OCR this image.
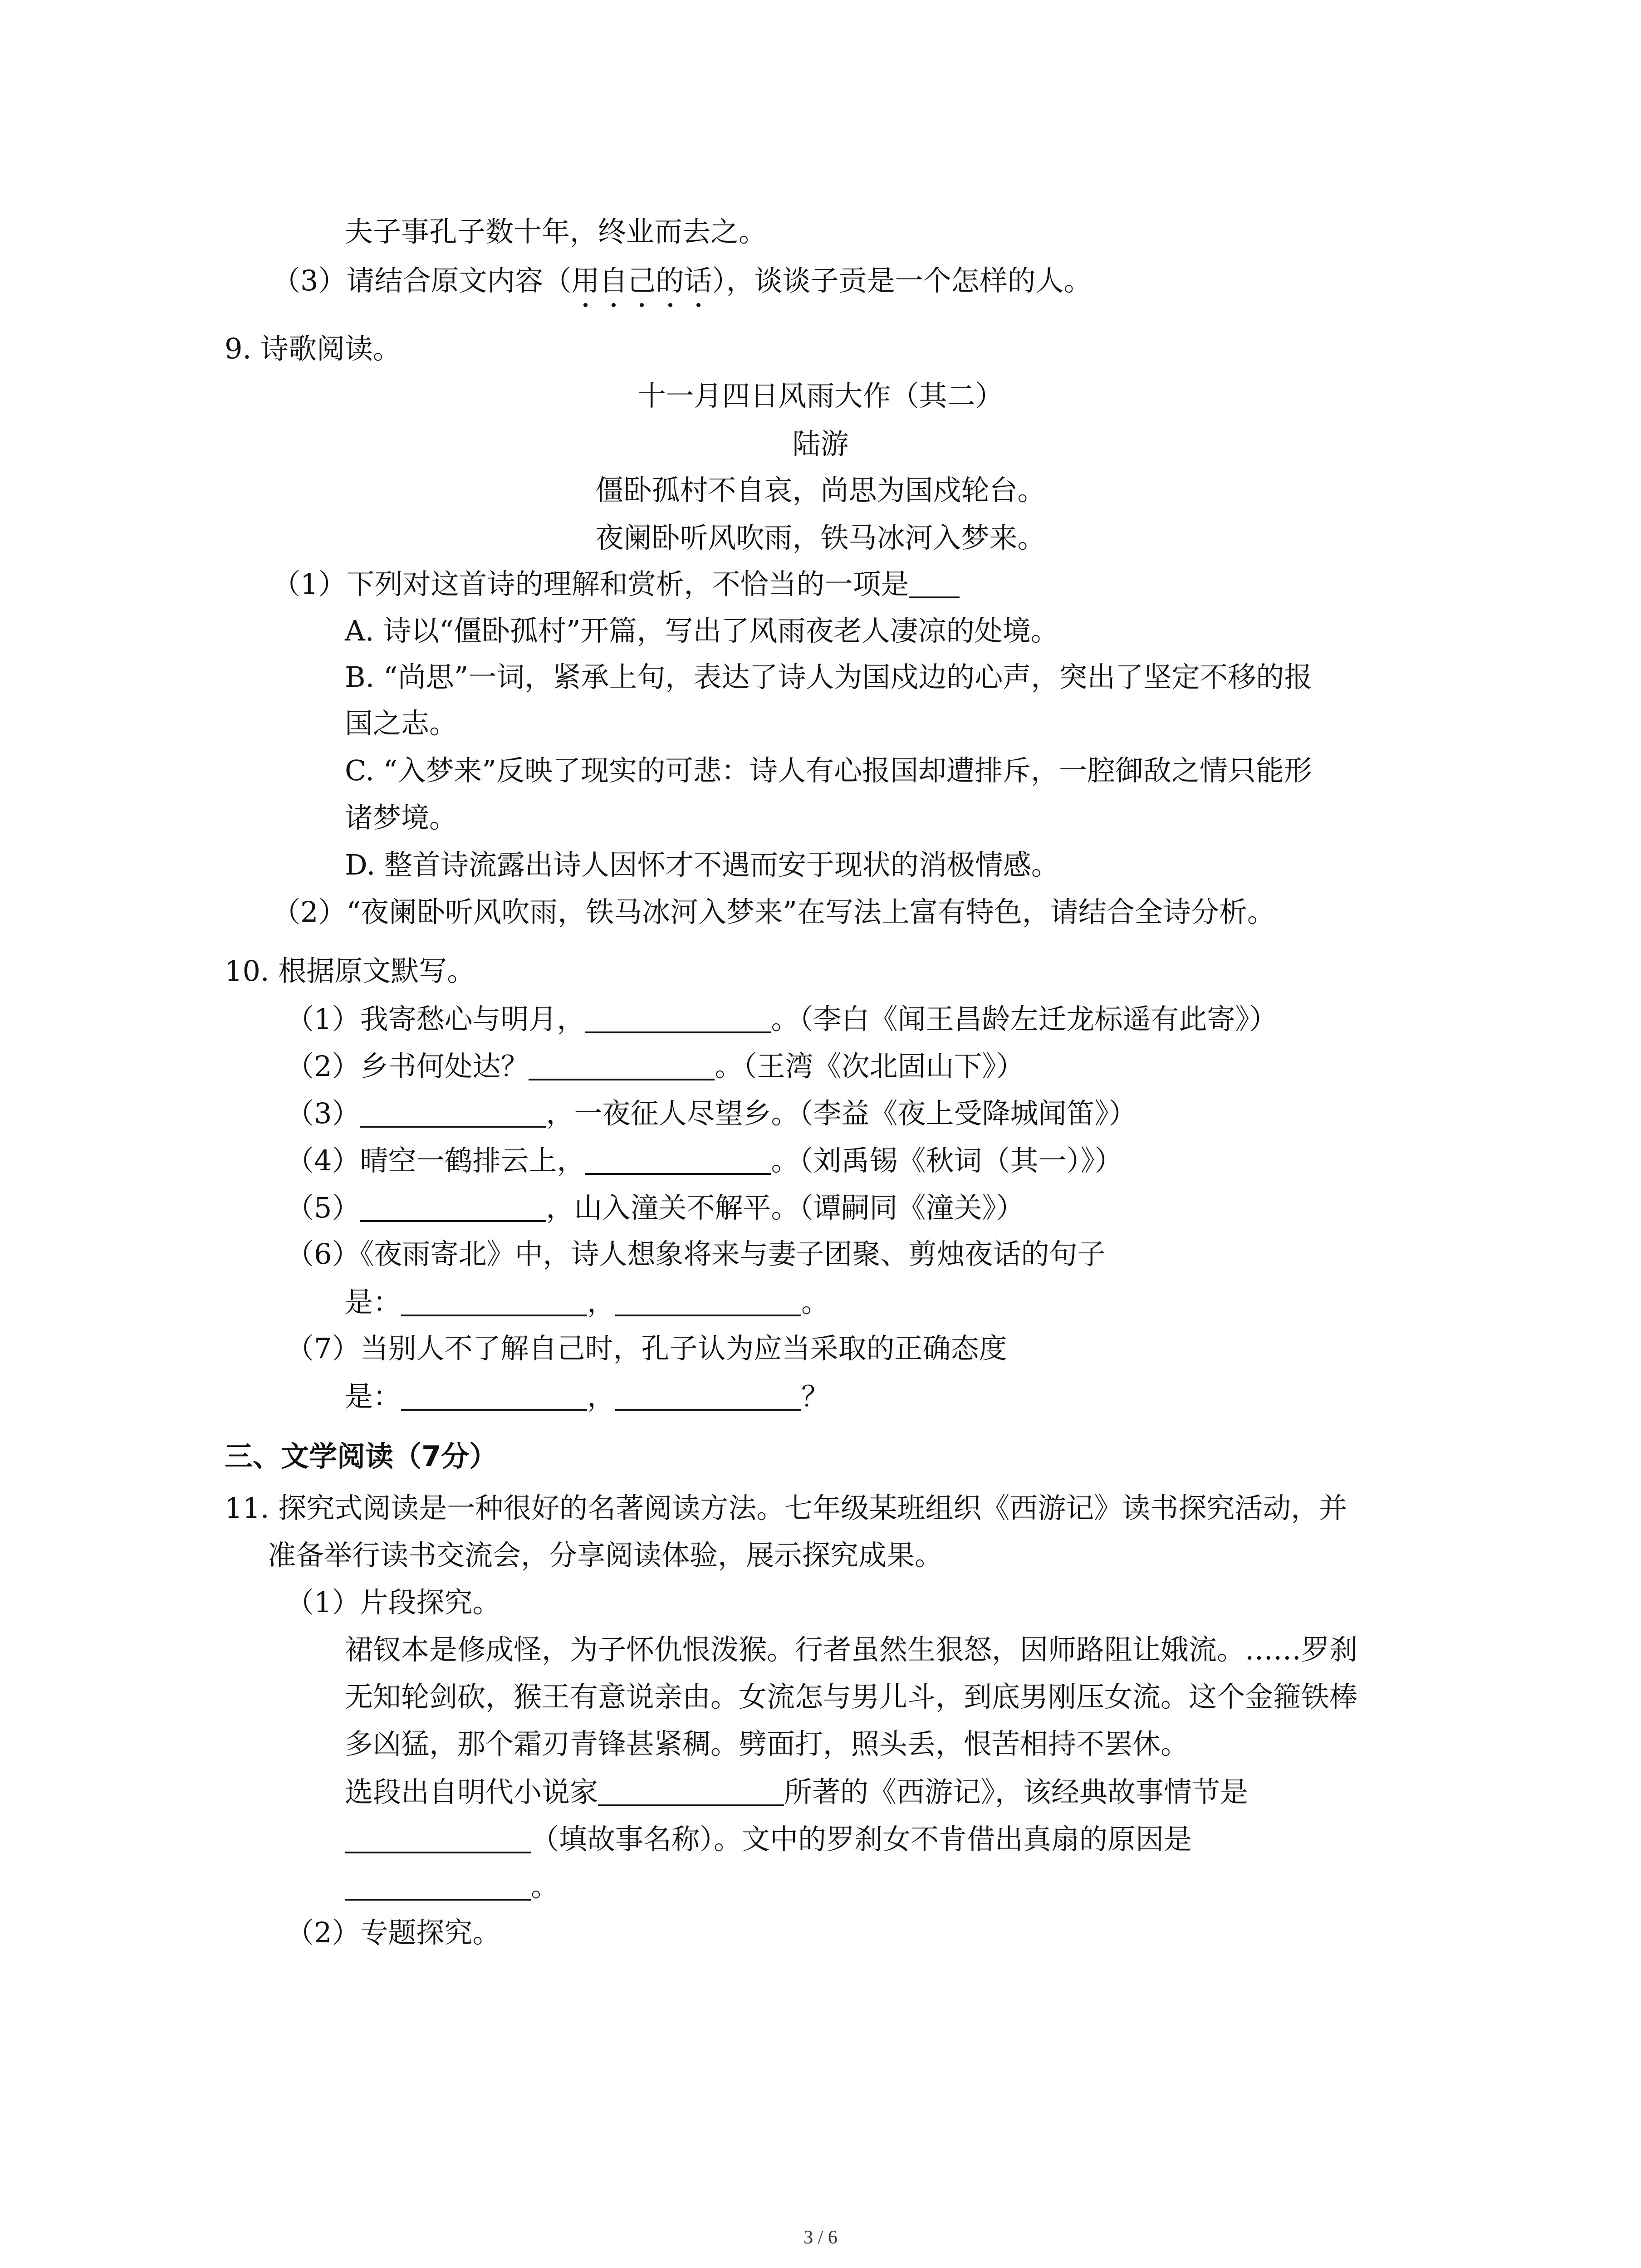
夫子事孔子数十年，终业而去之。
（3）请结合原文内容（用自己的话），谈谈子贡是一个怎样的人。
9. 诗歌阅读。
十一月四日风雨大作（其二）
陆游
僵卧孤村不自哀，尚思为国戍轮台。
夜阑卧听风吹雨，铁马冰河入梦来。
（1）下列对这首诗的理解和赏析，不恰当的一项是
A. 诗以“僵卧孤村”开篇，写出了风雨夜老人凄凉的处境。
B. “尚思”一词，紧承上句，表达了诗人为国戍边的心声，突出了坚定不移的报
国之志。
C. “入梦来”反映了现实的可悲：诗人有心报国却遭排斥，一腔御敌之情只能形
诸梦境。
D. 整首诗流露出诗人因怀才不遇而安于现状的消极情感。
（2）“夜阑卧听风吹雨，铁马冰河入梦来”在写法上富有特色，请结合全诗分析。
10. 根据原文默写。
（1）我寄愁心与明月，	。（李白《闻王昌龄左迁龙标遥有此寄》）
（2）乡书何处达？	。（王湾《次北固山下》）
（3）	，一夜征人尽望乡。（李益《夜上受降城闻笛》）
（4）晴空一鹤排云上，	。（刘禹锡《秋词（其一）》）
（5）	，山入潼关不解平。（谭嗣同《潼关》）
（6）《夜雨寄北》中，诗人想象将来与妻子团聚、剪烛夜话的句子
是：	，	。
（7）当别人不了解自己时，孔子认为应当采取的正确态度
是：	，	？
三、文学阅读（7分）
11. 探究式阅读是一种很好的名著阅读方法。七年级某班组织《西游记》读书探究活动，并
准备举行读书交流会，分享阅读体验，展示探究成果。
（1）片段探究。
裙钗本是修成怪，为子怀仇恨泼猴。行者虽然生狠怒，因师路阻让娥流。……罗刹
无知轮剑砍，猴王有意说亲由。女流怎与男儿斗，到底男刚压女流。这个金箍铁棒
多凶猛，那个霜刃青锋甚紧稠。劈面打，照头丢，恨苦相持不罢休。
选段出自明代小说家	所著的《西游记》，该经典故事情节是
（填故事名称）。文中的罗刹女不肯借出真扇的原因是
。
（2）专题探究。
3 / 6
